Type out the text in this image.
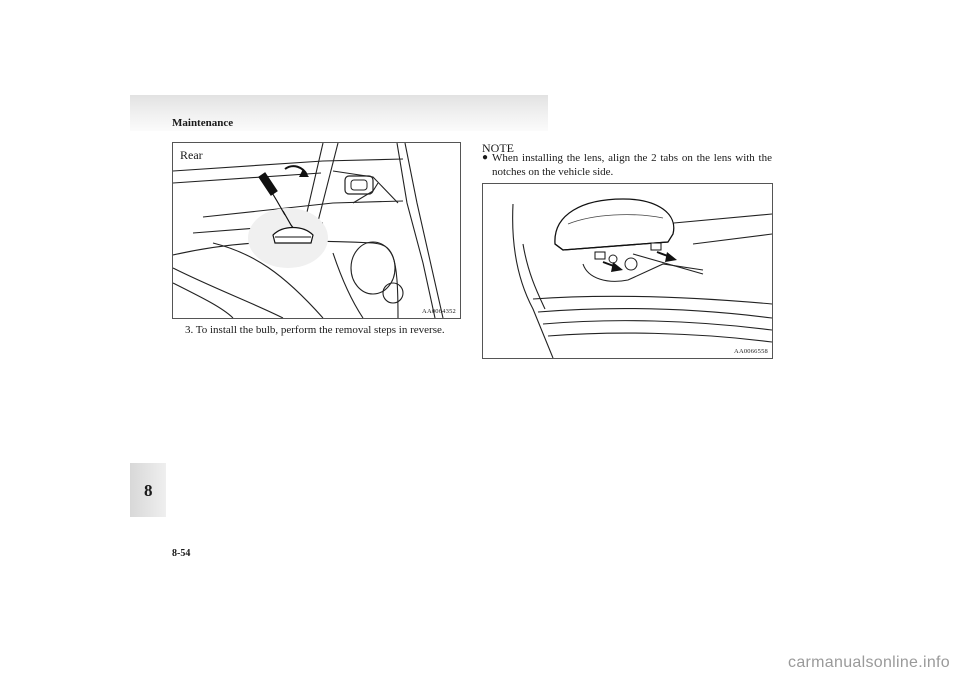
Maintenance
Rear
AA0064352
3. To install the bulb, perform the removal steps in reverse.
NOTE
● When installing the lens, align the 2 tabs on the lens with the notches on the vehicle side.
AA0066558
8
8-54
carmanualsonline.info
